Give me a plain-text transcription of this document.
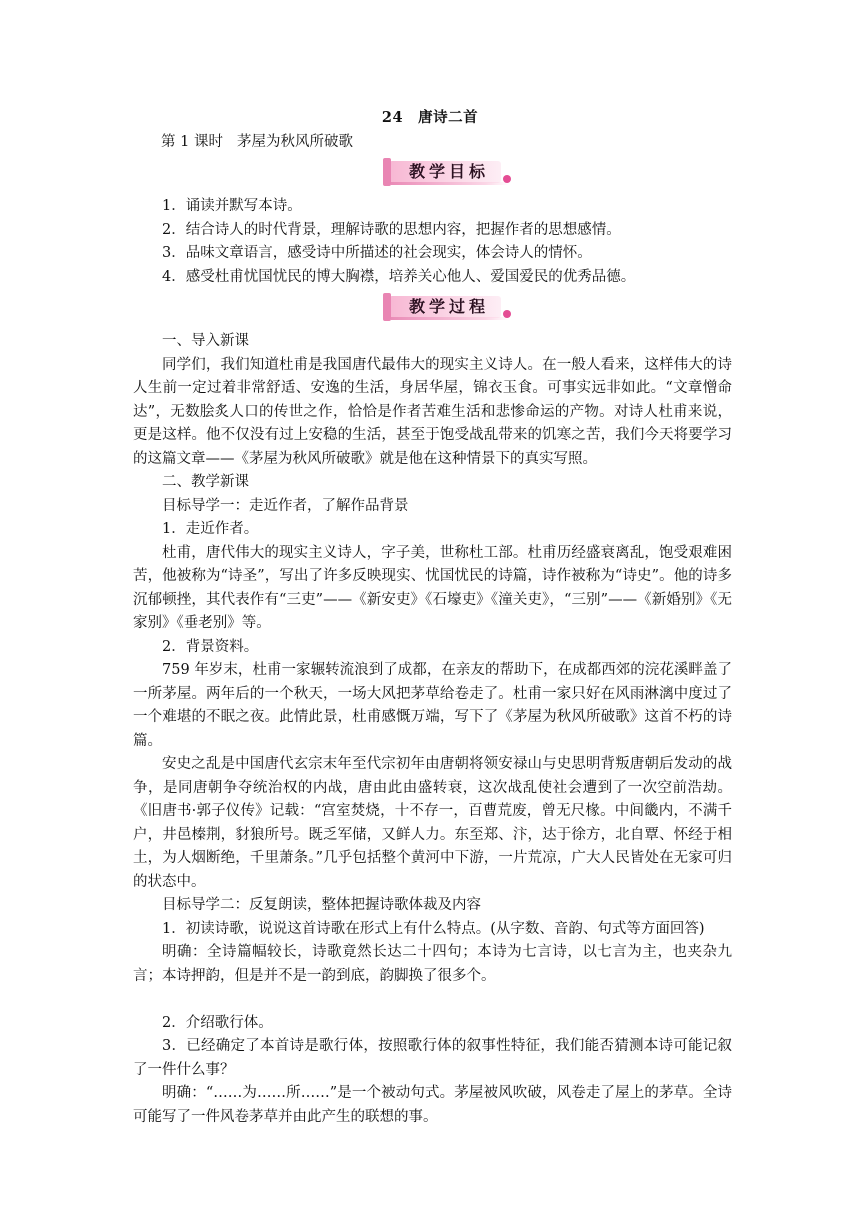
24　唐诗二首
第 1 课时 茅屋为秋风所破歌
教学目标

1．诵读并默写本诗。

2．结合诗人的时代背景，理解诗歌的思想内容，把握作者的思想感情。

3．品味文章语言，感受诗中所描述的社会现实，体会诗人的情怀。

4．感受杜甫忧国忧民的博大胸襟，培养关心他人、爱国爱民的优秀品德。

教学过程

一、导入新课

同学们，我们知道杜甫是我国唐代最伟大的现实主义诗人。在一般人看来，这样伟大的诗人生前一定过着非常舒适、安逸的生活，身居华屋，锦衣玉食。可事实远非如此。“文章憎命达”，无数脍炙人口的传世之作，恰恰是作者苦难生活和悲惨命运的产物。对诗人杜甫来说，更是这样。他不仅没有过上安稳的生活，甚至于饱受战乱带来的饥寒之苦，我们今天将要学习的这篇文章——《茅屋为秋风所破歌》就是他在这种情景下的真实写照。

二、教学新课

目标导学一：走近作者，了解作品背景

1．走近作者。

杜甫，唐代伟大的现实主义诗人，字子美，世称杜工部。杜甫历经盛衰离乱，饱受艰难困苦，他被称为“诗圣”，写出了许多反映现实、忧国忧民的诗篇，诗作被称为“诗史”。他的诗多沉郁顿挫，其代表作有“三吏”——《新安吏》《石壕吏》《潼关吏》，“三别”——《新婚别》《无家别》《垂老别》等。

2．背景资料。

759 年岁末，杜甫一家辗转流浪到了成都，在亲友的帮助下，在成都西郊的浣花溪畔盖了一所茅屋。两年后的一个秋天，一场大风把茅草给卷走了。杜甫一家只好在风雨淋漓中度过了一个难堪的不眠之夜。此情此景，杜甫感慨万端，写下了《茅屋为秋风所破歌》这首不朽的诗篇。

安史之乱是中国唐代玄宗末年至代宗初年由唐朝将领安禄山与史思明背叛唐朝后发动的战争，是同唐朝争夺统治权的内战，唐由此由盛转衰，这次战乱使社会遭到了一次空前浩劫。《旧唐书·郭子仪传》记载：“宫室焚烧，十不存一，百曹荒废，曾无尺椽。中间畿内，不满千户，井邑榛荆，豺狼所号。既乏军储，又鲜人力。东至郑、汴，达于徐方，北自覃、怀经于相土，为人烟断绝，千里萧条。”几乎包括整个黄河中下游，一片荒凉，广大人民皆处在无家可归的状态中。

目标导学二：反复朗读，整体把握诗歌体裁及内容

1．初读诗歌，说说这首诗歌在形式上有什么特点。(从字数、音韵、句式等方面回答)

明确：全诗篇幅较长，诗歌竟然长达二十四句；本诗为七言诗，以七言为主，也夹杂九言；本诗押韵，但是并不是一韵到底，韵脚换了很多个。

2．介绍歌行体。

3．已经确定了本首诗是歌行体，按照歌行体的叙事性特征，我们能否猜测本诗可能记叙了一件什么事？

明确：“……为……所……”是一个被动句式。茅屋被风吹破，风卷走了屋上的茅草。全诗可能写了一件风卷茅草并由此产生的联想的事。
